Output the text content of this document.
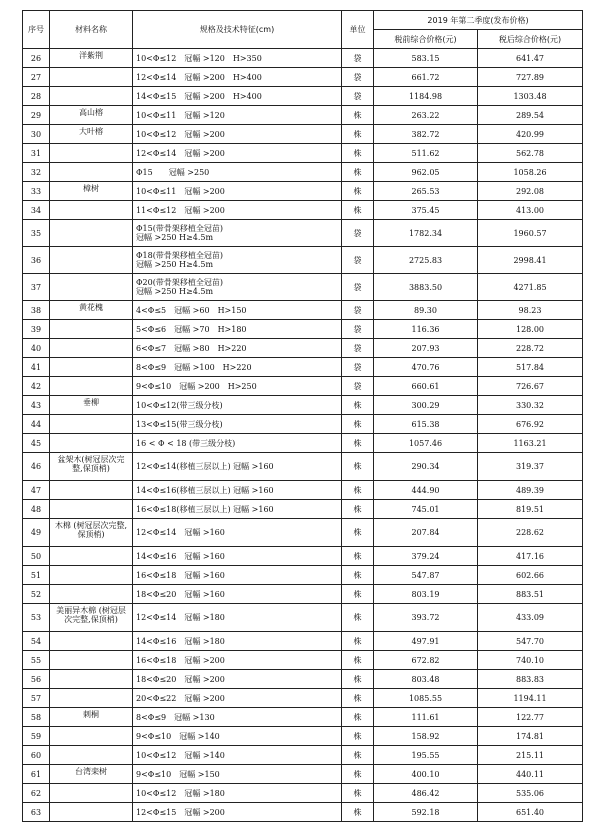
序号	材料名称	规格及技术特征(cm)	单位	2019 年第二季度(发布价格)	
				税前综合价格(元)	税后综合价格(元)
26	洋紫荆	10<Φ≤12　冠幅 >120　H>350	袋	583.15	641.47
27		12<Φ≤14　冠幅 >200　H>400	袋	661.72	727.89
28		14<Φ≤15　冠幅 >200　H>400	袋	1184.98	1303.48
29	高山榕	10<Φ≤11　冠幅 >120	株	263.22	289.54
30	大叶榕	10<Φ≤12　冠幅 >200	株	382.72	420.99
31		12<Φ≤14　冠幅 >200	株	511.62	562.78
32		Φ15　　冠幅 >250	株	962.05	1058.26
33	樟树	10<Φ≤11　冠幅 >200	株	265.53	292.08
34		11<Φ≤12　冠幅 >200	株	375.45	413.00
35		Φ15(带骨架移植全冠苗)
冠幅 >250 H≥4.5m	袋	1782.34	1960.57
36		Φ18(带骨架移植全冠苗)
冠幅 >250 H≥4.5m	袋	2725.83	2998.41
37		Φ20(带骨架移植全冠苗)
冠幅 >250 H≥4.5m	袋	3883.50	4271.85
38	黄花槐	4<Φ≤5　冠幅 >60　H>150	袋	89.30	98.23
39		5<Φ≤6　冠幅 >70　H>180	袋	116.36	128.00
40		6<Φ≤7　冠幅 >80　H>220	袋	207.93	228.72
41		8<Φ≤9　冠幅 >100　H>220	袋	470.76	517.84
42		9<Φ≤10　冠幅 >200　H>250	袋	660.61	726.67
43	垂柳	10<Φ≤12(带三级分枝)	株	300.29	330.32
44		13<Φ≤15(带三级分枝)	株	615.38	676.92
45		16 < Φ < 18 (带三级分枝)	株	1057.46	1163.21
46	盆架木(树冠层次完整,保顶梢)	12<Φ≤14(移植三层以上) 冠幅 >160	株	290.34	319.37
47		14<Φ≤16(移植三层以上) 冠幅 >160	株	444.90	489.39
48		16<Φ≤18(移植三层以上) 冠幅 >160	株	745.01	819.51
49	木棉 (树冠层次完整,保顶梢)	12<Φ≤14　冠幅 >160	株	207.84	228.62
50		14<Φ≤16　冠幅 >160	株	379.24	417.16
51		16<Φ≤18　冠幅 >160	株	547.87	602.66
52		18<Φ≤20　冠幅 >160	株	803.19	883.51
53	美丽异木棉 (树冠层次完整,保顶梢)	12<Φ≤14　冠幅 >180	株	393.72	433.09
54		14<Φ≤16　冠幅 >180	株	497.91	547.70
55		16<Φ≤18　冠幅 >200	株	672.82	740.10
56		18<Φ≤20　冠幅 >200	株	803.48	883.83
57		20<Φ≤22　冠幅 >200	株	1085.55	1194.11
58	刺桐	8<Φ≤9　冠幅 >130	株	111.61	122.77
59		9<Φ≤10　冠幅 >140	株	158.92	174.81
60		10<Φ≤12　冠幅 >140	株	195.55	215.11
61	台湾栾树	9<Φ≤10　冠幅 >150	株	400.10	440.11
62		10<Φ≤12　冠幅 >180	株	486.42	535.06
63		12<Φ≤15　冠幅 >200	株	592.18	651.40
